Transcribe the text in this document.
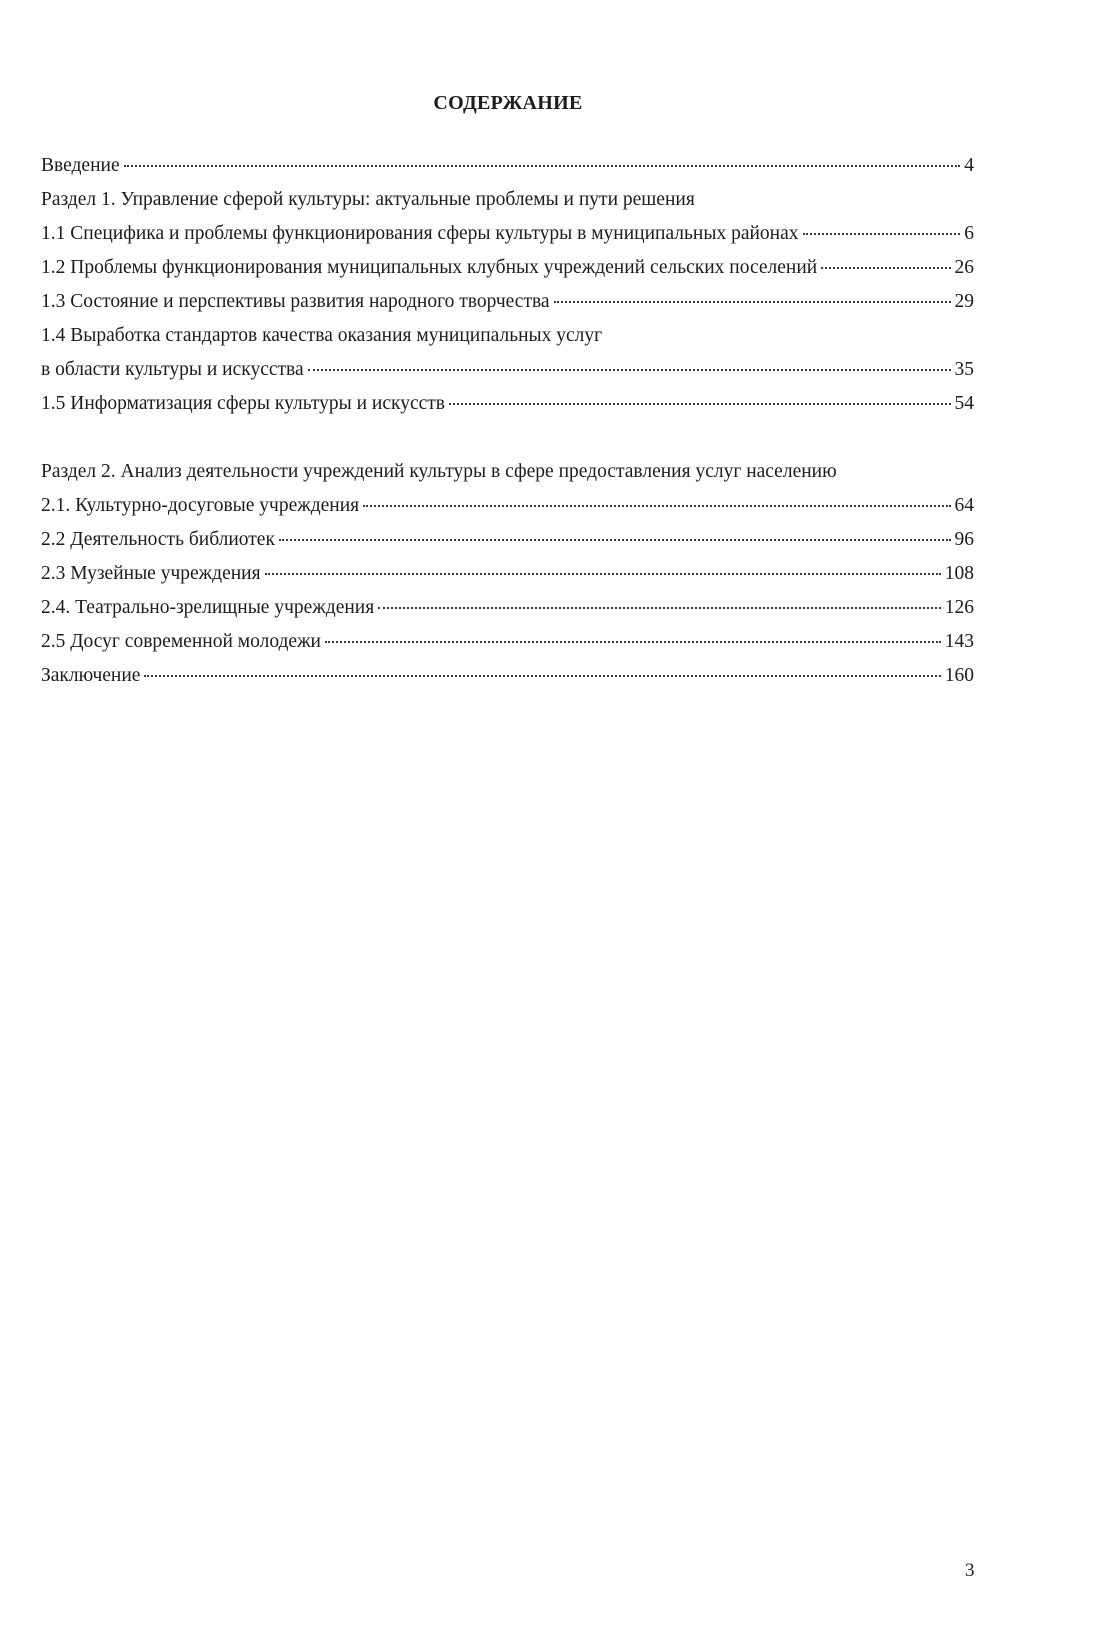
СОДЕРЖАНИЕ
Введение	4
Раздел 1. Управление сферой культуры: актуальные проблемы и пути решения
1.1 Специфика и проблемы функционирования сферы культуры в муниципальных районах	6
1.2 Проблемы функционирования муниципальных клубных учреждений сельских поселений	26
1.3 Состояние и перспективы развития народного творчества	29
1.4 Выработка стандартов качества оказания муниципальных услуг
в области культуры и искусства	35
1.5 Информатизация сферы культуры и искусств	54
Раздел 2. Анализ деятельности учреждений культуры в сфере предоставления услуг населению
2.1. Культурно-досуговые учреждения	64
2.2 Деятельность библиотек	96
2.3 Музейные учреждения	108
2.4. Театрально-зрелищные учреждения	126
2.5 Досуг современной молодежи	143
Заключение	160
3
